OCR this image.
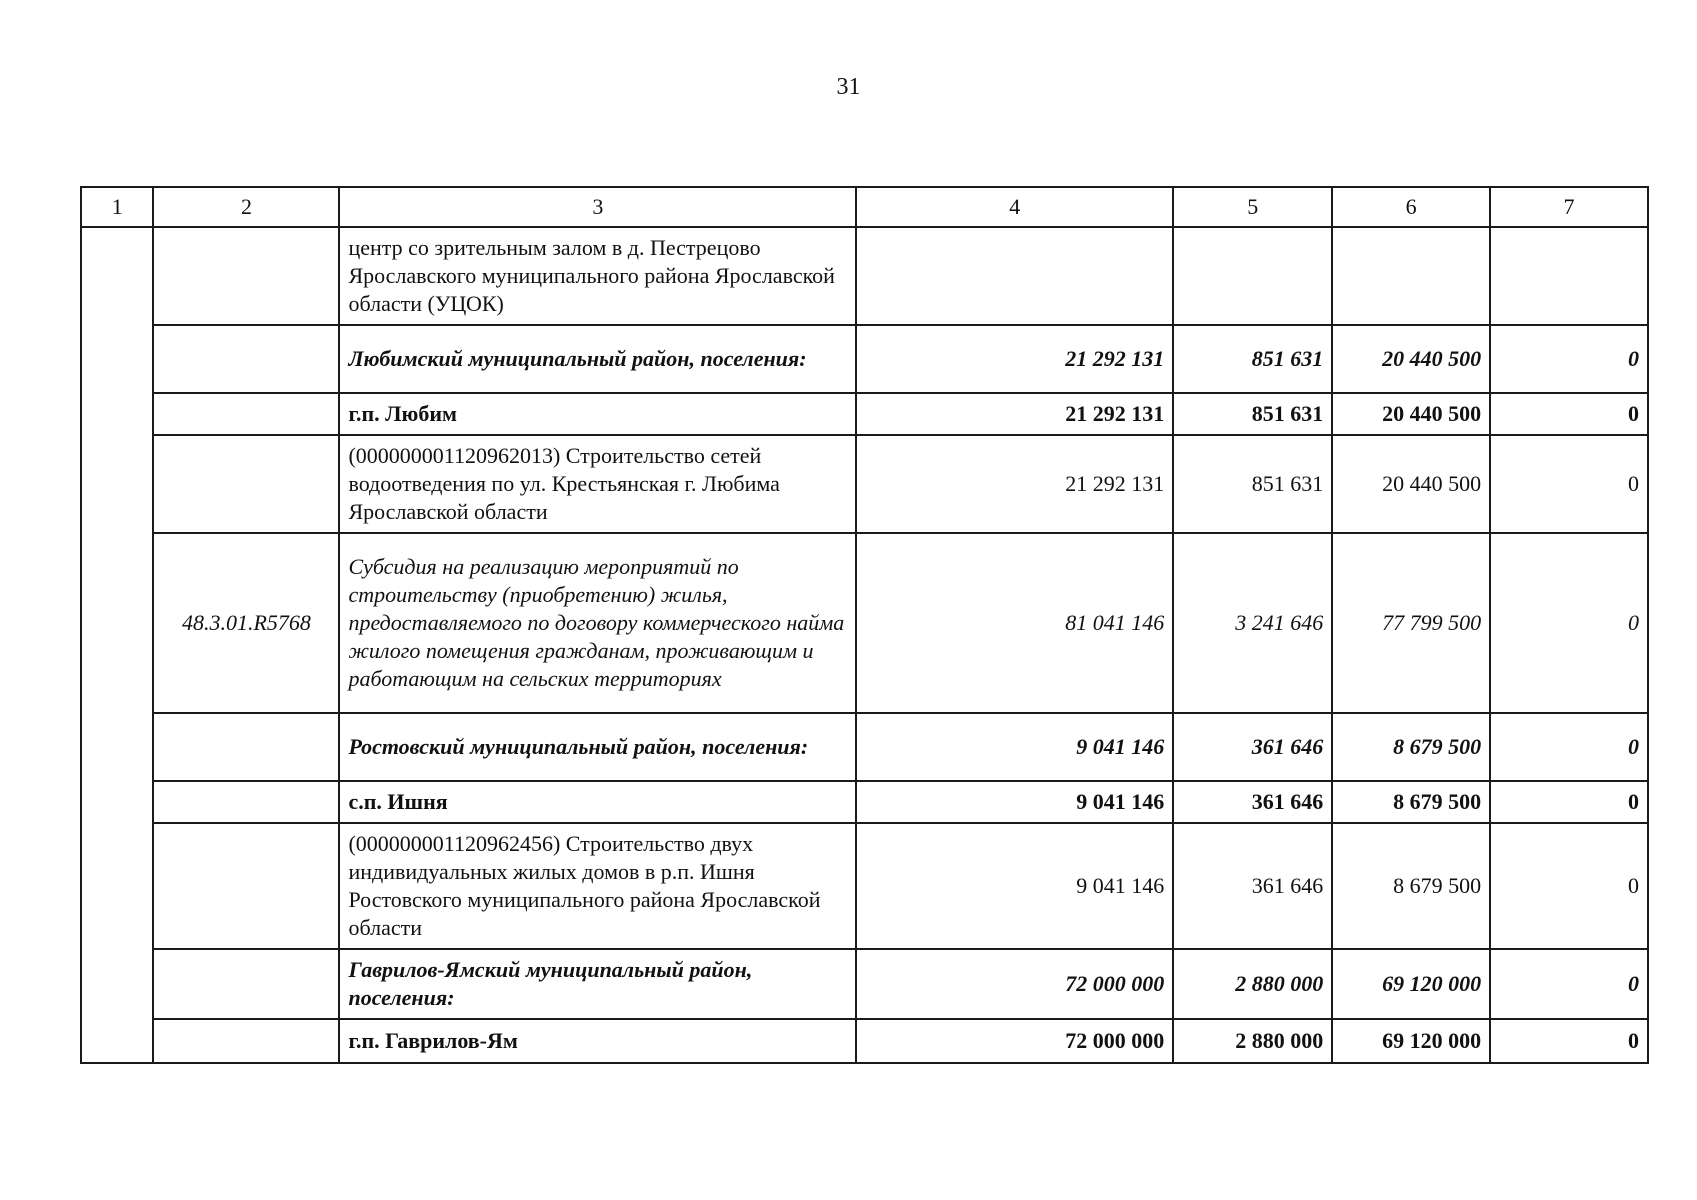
31
1	2	3	4	5	6	7
		центр со зрительным залом в д. Пестрецово Ярославского муниципального района Ярославской области (УЦОК)				
		Любимский муниципальный район, поселения:	21 292 131	851 631	20 440 500	0
		г.п. Любим	21 292 131	851 631	20 440 500	0
		(000000001120962013) Строительство сетей водоотведения по ул. Крестьянская г. Любима Ярославской области	21 292 131	851 631	20 440 500	0
	48.3.01.R5768	Субсидия на реализацию мероприятий по строительству (приобретению) жилья, предоставляемого по договору коммерческого найма жилого помещения гражданам, проживающим и работающим на сельских территориях	81 041 146	3 241 646	77 799 500	0
		Ростовский муниципальный район, поселения:	9 041 146	361 646	8 679 500	0
		с.п. Ишня	9 041 146	361 646	8 679 500	0
		(000000001120962456) Строительство двух индивидуальных жилых домов в р.п. Ишня Ростовского муниципального района Ярославской области	9 041 146	361 646	8 679 500	0
		Гаврилов-Ямский муниципальный район, поселения:	72 000 000	2 880 000	69 120 000	0
		г.п. Гаврилов-Ям	72 000 000	2 880 000	69 120 000	0
